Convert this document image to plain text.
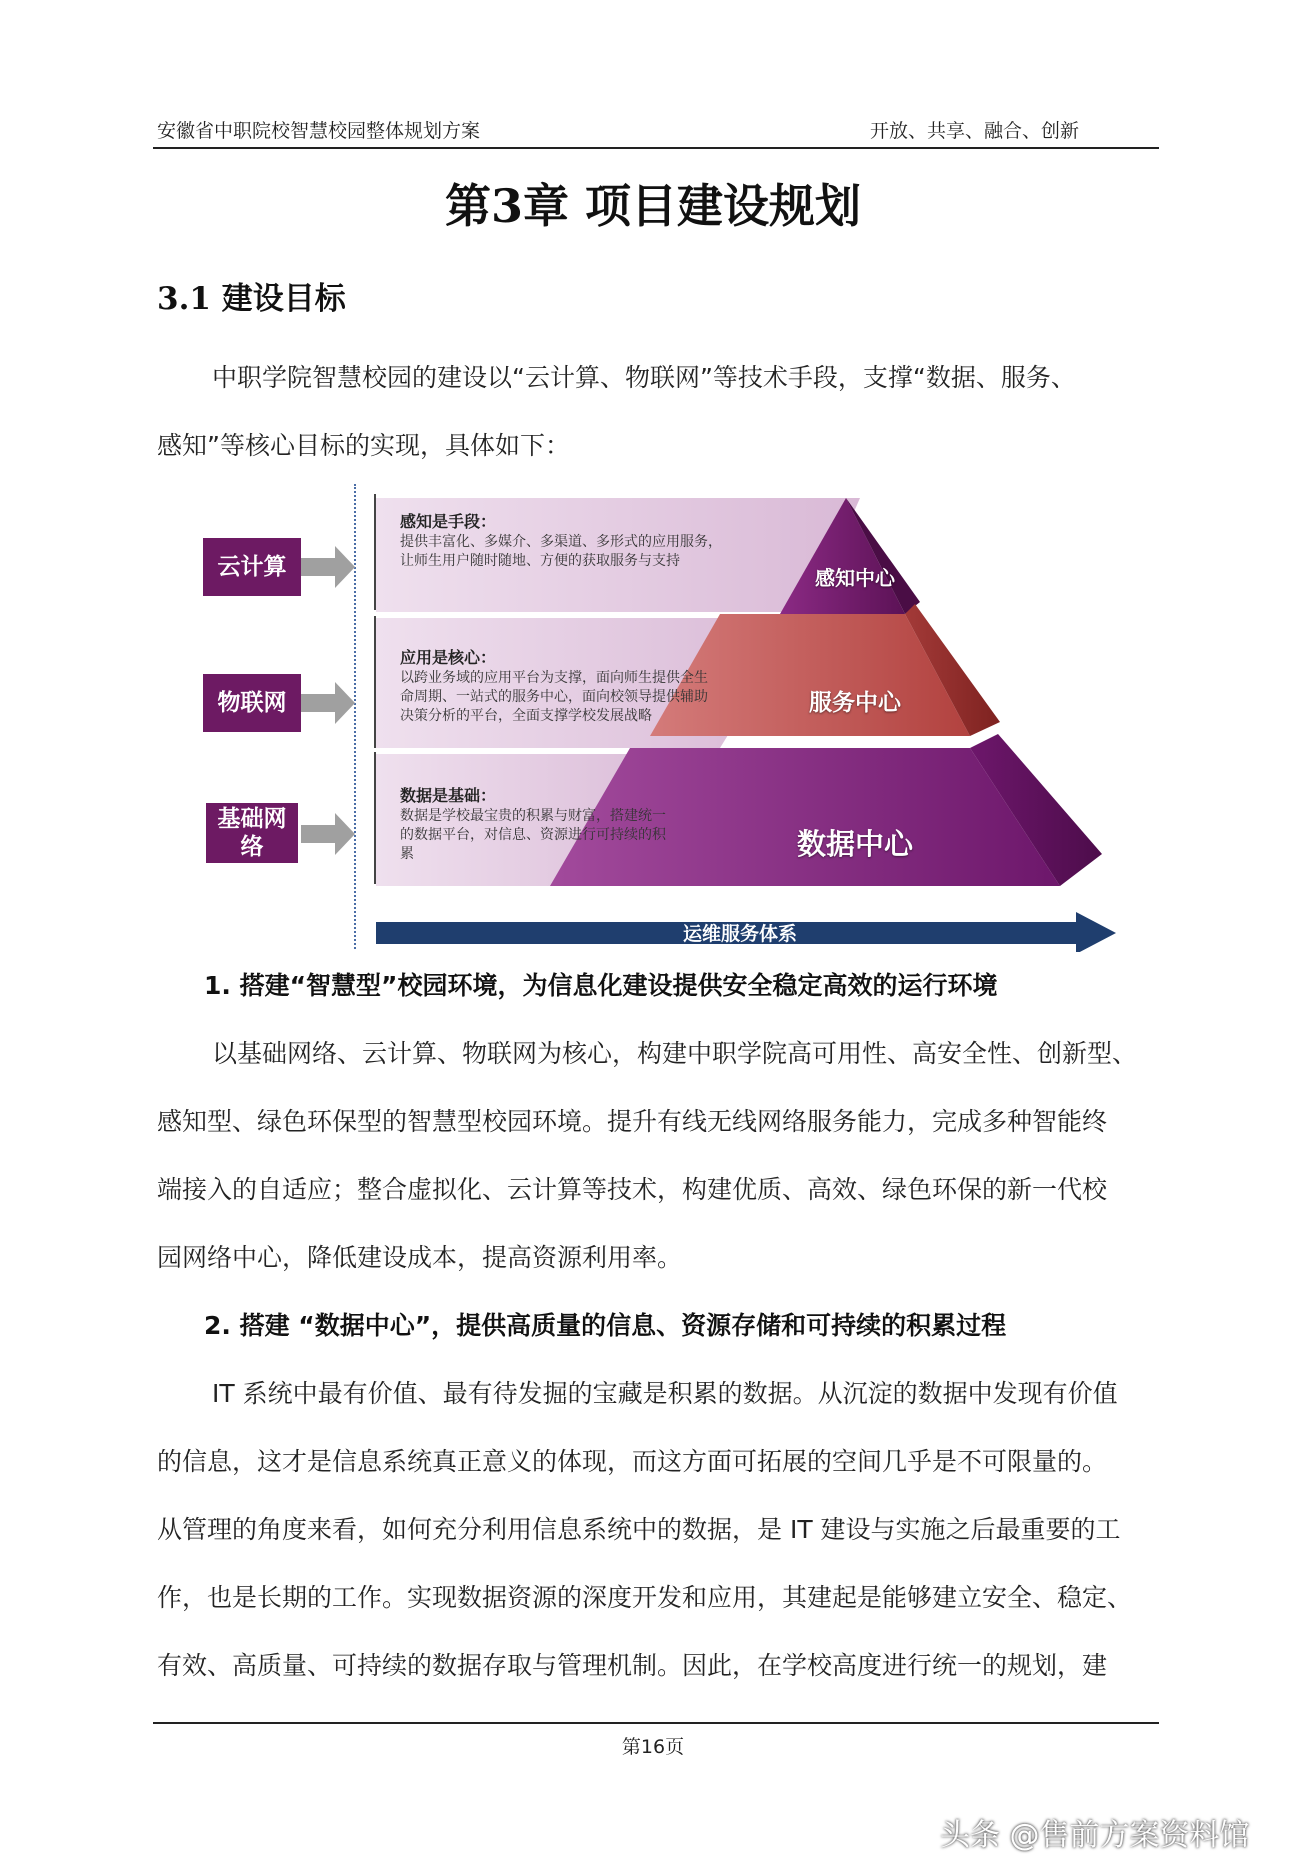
安徽省中职院校智慧校园整体规划方案	开放、共享、融合、创新
第3章 项目建设规划
3.1 建设目标
中职学院智慧校园的建设以“云计算、物联网”等技术手段，支撑“数据、服务、
感知”等核心目标的实现，具体如下：
云计算
物联网
基础网络
感知是手段：
提供丰富化、多媒介、多渠道、多形式的应用服务，让师生用户随时随地、方便的获取服务与支持
应用是核心：
以跨业务域的应用平台为支撑，面向师生提供全生命周期、一站式的服务中心，面向校领导提供辅助决策分析的平台，全面支撑学校发展战略
数据是基础：
数据是学校最宝贵的积累与财富，搭建统一的数据平台，对信息、资源进行可持续的积累
感知中心
服务中心
数据中心
运维服务体系
1. 搭建“智慧型”校园环境，为信息化建设提供安全稳定高效的运行环境
以基础网络、云计算、物联网为核心，构建中职学院高可用性、高安全性、创新型、
感知型、绿色环保型的智慧型校园环境。提升有线无线网络服务能力，完成多种智能终
端接入的自适应；整合虚拟化、云计算等技术，构建优质、高效、绿色环保的新一代校
园网络中心，降低建设成本，提高资源利用率。
2. 搭建 “数据中心”，提供高质量的信息、资源存储和可持续的积累过程
IT 系统中最有价值、最有待发掘的宝藏是积累的数据。从沉淀的数据中发现有价值
的信息，这才是信息系统真正意义的体现，而这方面可拓展的空间几乎是不可限量的。
从管理的角度来看，如何充分利用信息系统中的数据，是 IT 建设与实施之后最重要的工
作，也是长期的工作。实现数据资源的深度开发和应用，其建起是能够建立安全、稳定、
有效、高质量、可持续的数据存取与管理机制。因此，在学校高度进行统一的规划，建
第16页
头条 @售前方案资料馆
